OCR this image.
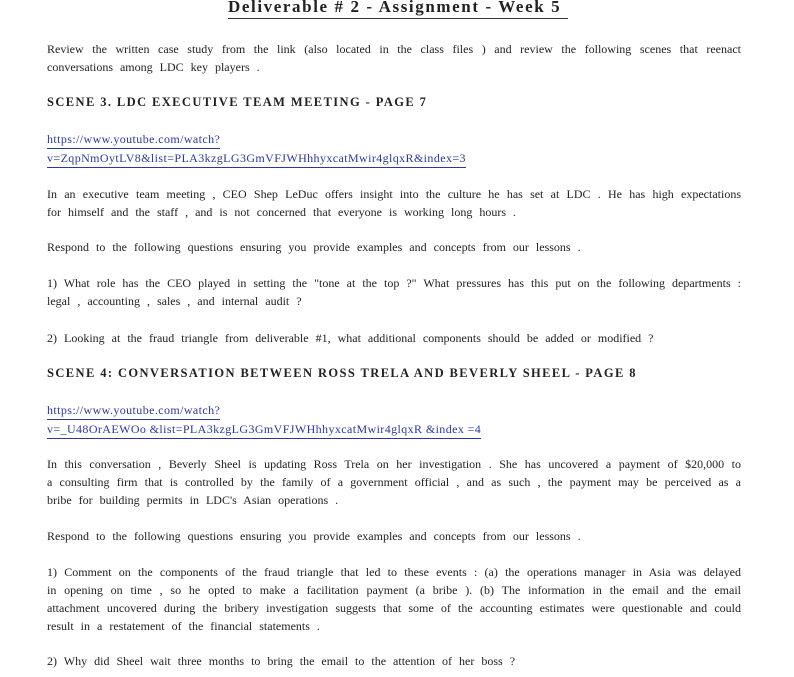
Deliverable # 2 - Assignment - Week 5
Review the written case study from the link (also located in the class files ) and review the following scenes that reenact conversations among LDC key players .
SCENE 3. LDC EXECUTIVE TEAM MEETING - PAGE 7
https://www.youtube.com/watch?
v=ZqpNmOytLV8&list=PLA3kzgLG3GmVFJWHhhyxcatMwir4glqxR&index=3
In an executive team meeting , CEO Shep LeDuc offers insight into the culture he has set at LDC . He has high expectations for himself and the staff , and is not concerned that everyone is working long hours .
Respond to the following questions ensuring you provide examples and concepts from our lessons .
1) What role has the CEO played in setting the "tone at the top ?" What pressures has this put on the following departments : legal , accounting , sales , and internal audit ?
2) Looking at the fraud triangle from deliverable #1, what additional components should be added or modified ?
SCENE 4: CONVERSATION BETWEEN ROSS TRELA AND BEVERLY SHEEL - PAGE 8
https://www.youtube.com/watch?
v=_U48OrAEWOo &list=PLA3kzgLG3GmVFJWHhhyxcatMwir4glqxR &index =4
In this conversation , Beverly Sheel is updating Ross Trela on her investigation . She has uncovered a payment of $20,000 to a consulting firm that is controlled by the family of a government official , and as such , the payment may be perceived as a bribe for building permits in LDC's Asian operations .
Respond to the following questions ensuring you provide examples and concepts from our lessons .
1) Comment on the components of the fraud triangle that led to these events : (a) the operations manager in Asia was delayed in opening on time , so he opted to make a facilitation payment (a bribe ). (b) The information in the email and the email attachment uncovered during the bribery investigation suggests that some of the accounting estimates were questionable and could result in a restatement of the financial statements .
2) Why did Sheel wait three months to bring the email to the attention of her boss ?
